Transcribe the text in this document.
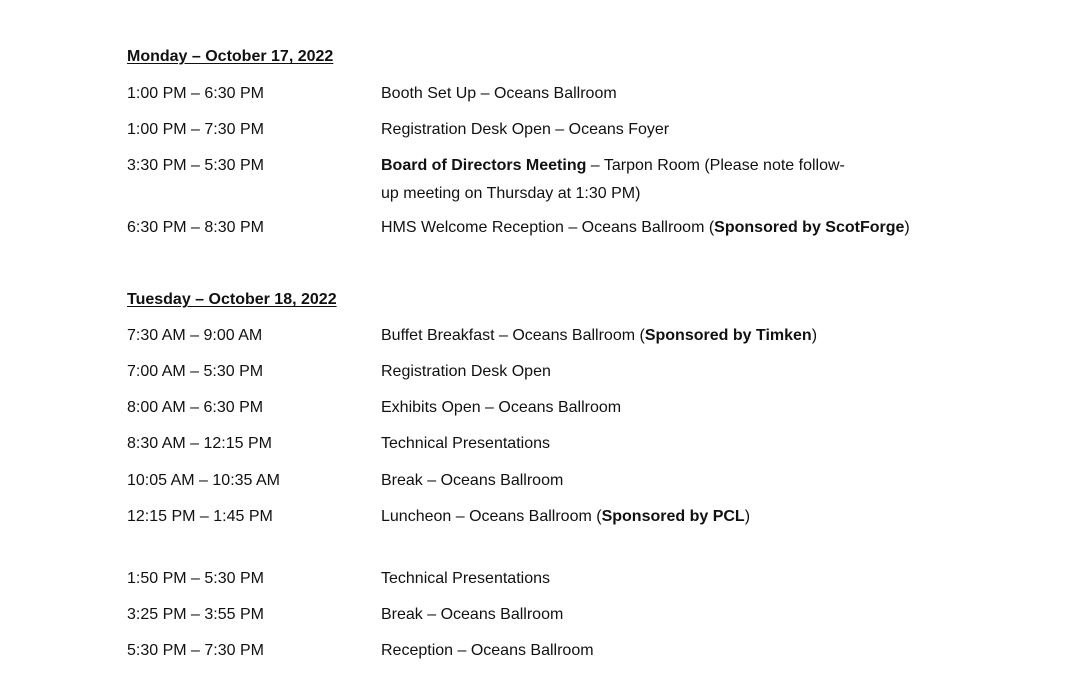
Monday – October 17, 2022
1:00 PM – 6:30 PM	Booth Set Up – Oceans Ballroom
1:00 PM – 7:30 PM	Registration Desk Open – Oceans Foyer
3:30 PM – 5:30 PM	Board of Directors Meeting – Tarpon Room (Please note follow-
up meeting on Thursday at 1:30 PM)
6:30 PM – 8:30 PM	HMS Welcome Reception – Oceans Ballroom (Sponsored by ScotForge)
Tuesday – October 18, 2022
7:30 AM – 9:00 AM	Buffet Breakfast – Oceans Ballroom (Sponsored by Timken)
7:00 AM – 5:30 PM	Registration Desk Open
8:00 AM – 6:30 PM	Exhibits Open – Oceans Ballroom
8:30 AM – 12:15 PM	Technical Presentations
10:05 AM – 10:35 AM	Break – Oceans Ballroom
12:15 PM – 1:45 PM	Luncheon – Oceans Ballroom (Sponsored by PCL)
1:50 PM – 5:30 PM	Technical Presentations
3:25 PM – 3:55 PM	Break – Oceans Ballroom
5:30 PM – 7:30 PM	Reception – Oceans Ballroom
